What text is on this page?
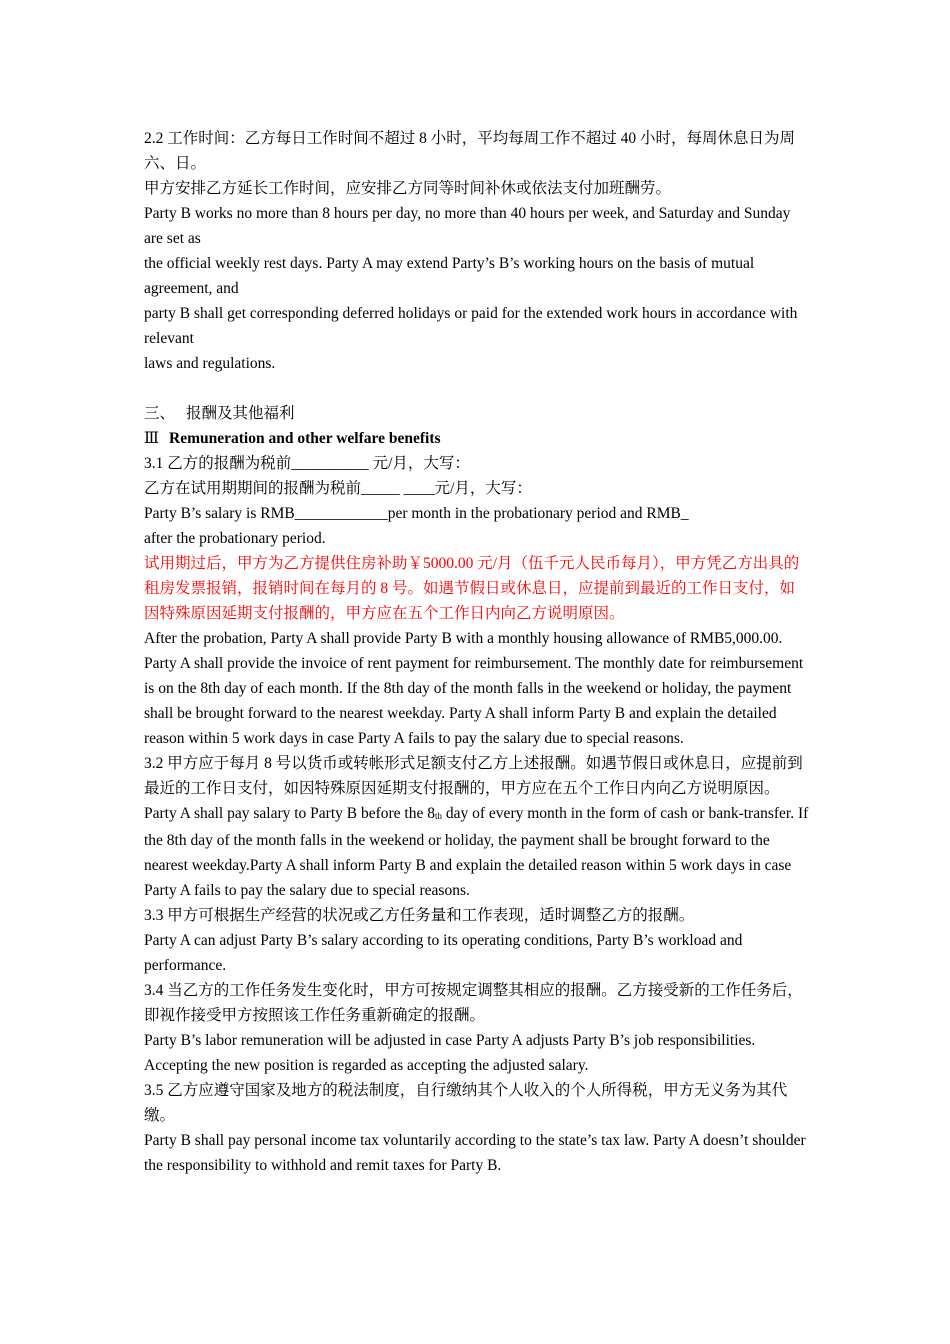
2.2 工作时间：乙方每日工作时间不超过 8 小时，平均每周工作不超过 40 小时，每周休息日为周六、日。

甲方安排乙方延长工作时间，应安排乙方同等时间补休或依法支付加班酬劳。

Party B works no more than 8 hours per day, no more than 40 hours per week, and Saturday and Sunday are set as

the official weekly rest days. Party A may extend Party’s B’s working hours on the basis of mutual agreement, and

party B shall get corresponding deferred holidays or paid for the extended work hours in accordance with relevant

laws and regulations.

三、 报酬及其他福利

Ⅲ Remuneration and other welfare benefits

3.1 乙方的报酬为税前__________ 元/月，大写：

乙方在试用期期间的报酬为税前_____ ____元/月，大写：

Party B’s salary is RMB____________per month in the probationary period and RMB_

after the probationary period.

试用期过后，甲方为乙方提供住房补助￥5000.00 元/月（伍千元人民币每月），甲方凭乙方出具的租房发票报销，报销时间在每月的 8 号。如遇节假日或休息日，应提前到最近的工作日支付，如因特殊原因延期支付报酬的，甲方应在五个工作日内向乙方说明原因。

After the probation, Party A shall provide Party B with a monthly housing allowance of RMB5,000.00. Party A shall provide the invoice of rent payment for reimbursement. The monthly date for reimbursement is on the 8th day of each month. If the 8th day of the month falls in the weekend or holiday, the payment shall be brought forward to the nearest weekday. Party A shall inform Party B and explain the detailed reason within 5 work days in case Party A fails to pay the salary due to special reasons.

3.2 甲方应于每月 8 号以货币或转帐形式足额支付乙方上述报酬。如遇节假日或休息日，应提前到最近的工作日支付，如因特殊原因延期支付报酬的，甲方应在五个工作日内向乙方说明原因。

Party A shall pay salary to Party B before the 8th day of every month in the form of cash or bank-transfer. If the 8th day of the month falls in the weekend or holiday, the payment shall be brought forward to the nearest weekday.Party A shall inform Party B and explain the detailed reason within 5 work days in case Party A fails to pay the salary due to special reasons.

3.3 甲方可根据生产经营的状况或乙方任务量和工作表现，适时调整乙方的报酬。

Party A can adjust Party B’s salary according to its operating conditions, Party B’s workload and performance.

3.4 当乙方的工作任务发生变化时，甲方可按规定调整其相应的报酬。乙方接受新的工作任务后，即视作接受甲方按照该工作任务重新确定的报酬。

Party B’s labor remuneration will be adjusted in case Party A adjusts Party B’s job responsibilities. Accepting the new position is regarded as accepting the adjusted salary.

3.5 乙方应遵守国家及地方的税法制度，自行缴纳其个人收入的个人所得税，甲方无义务为其代缴。

Party B shall pay personal income tax voluntarily according to the state’s tax law. Party A doesn’t shoulder the responsibility to withhold and remit taxes for Party B.
